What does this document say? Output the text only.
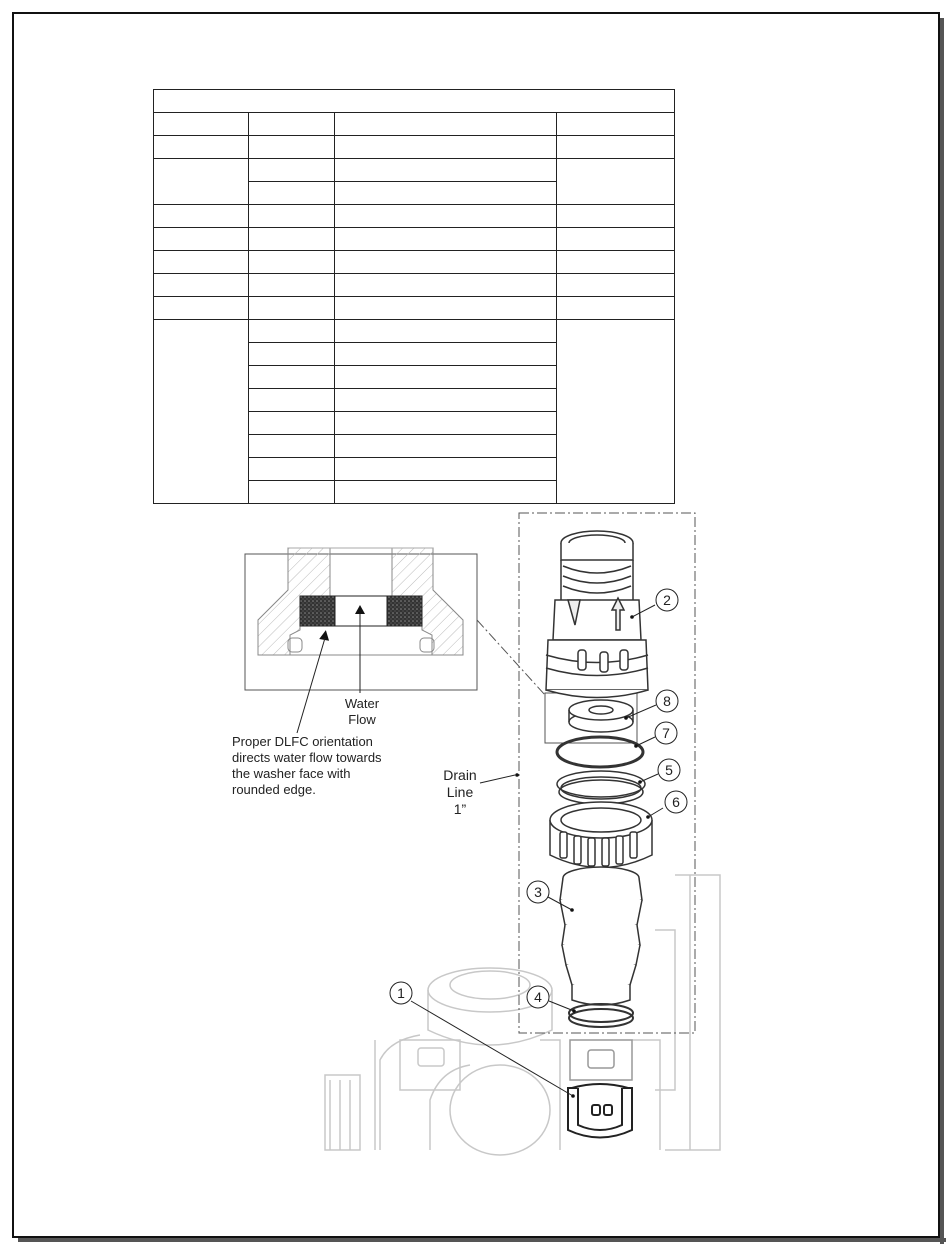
1
2
3
4
5
6
7
8
Water
Flow
Proper DLFC orientation
directs water flow towards
the washer face with
rounded edge.
Drain
Line
1”
